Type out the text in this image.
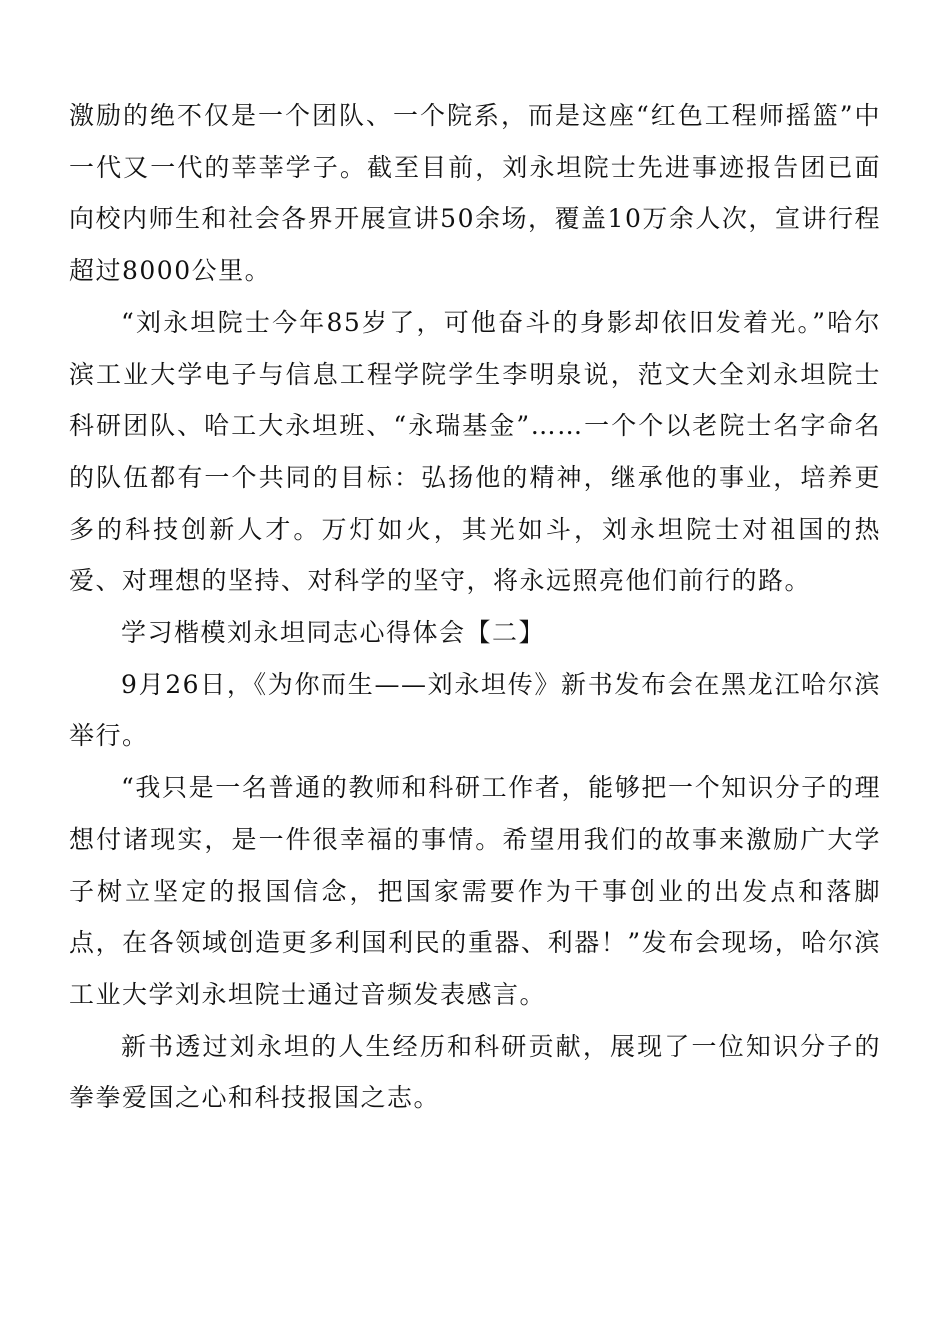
激励的绝不仅是一个团队、一个院系，而是这座“红色工程师摇篮”中一代又一代的莘莘学子。截至目前，刘永坦院士先进事迹报告团已面向校内师生和社会各界开展宣讲50余场，覆盖10万余人次，宣讲行程超过8000公里。

“刘永坦院士今年85岁了，可他奋斗的身影却依旧发着光。”哈尔滨工业大学电子与信息工程学院学生李明泉说，范文大全刘永坦院士科研团队、哈工大永坦班、“永瑞基金”……一个个以老院士名字命名的队伍都有一个共同的目标：弘扬他的精神，继承他的事业，培养更多的科技创新人才。万灯如火，其光如斗，刘永坦院士对祖国的热爱、对理想的坚持、对科学的坚守，将永远照亮他们前行的路。

学习楷模刘永坦同志心得体会【二】

9月26日，《为你而生——刘永坦传》新书发布会在黑龙江哈尔滨举行。

“我只是一名普通的教师和科研工作者，能够把一个知识分子的理想付诸现实，是一件很幸福的事情。希望用我们的故事来激励广大学子树立坚定的报国信念，把国家需要作为干事创业的出发点和落脚点，在各领域创造更多利国利民的重器、利器！”发布会现场，哈尔滨工业大学刘永坦院士通过音频发表感言。

新书透过刘永坦的人生经历和科研贡献，展现了一位知识分子的拳拳爱国之心和科技报国之志。
